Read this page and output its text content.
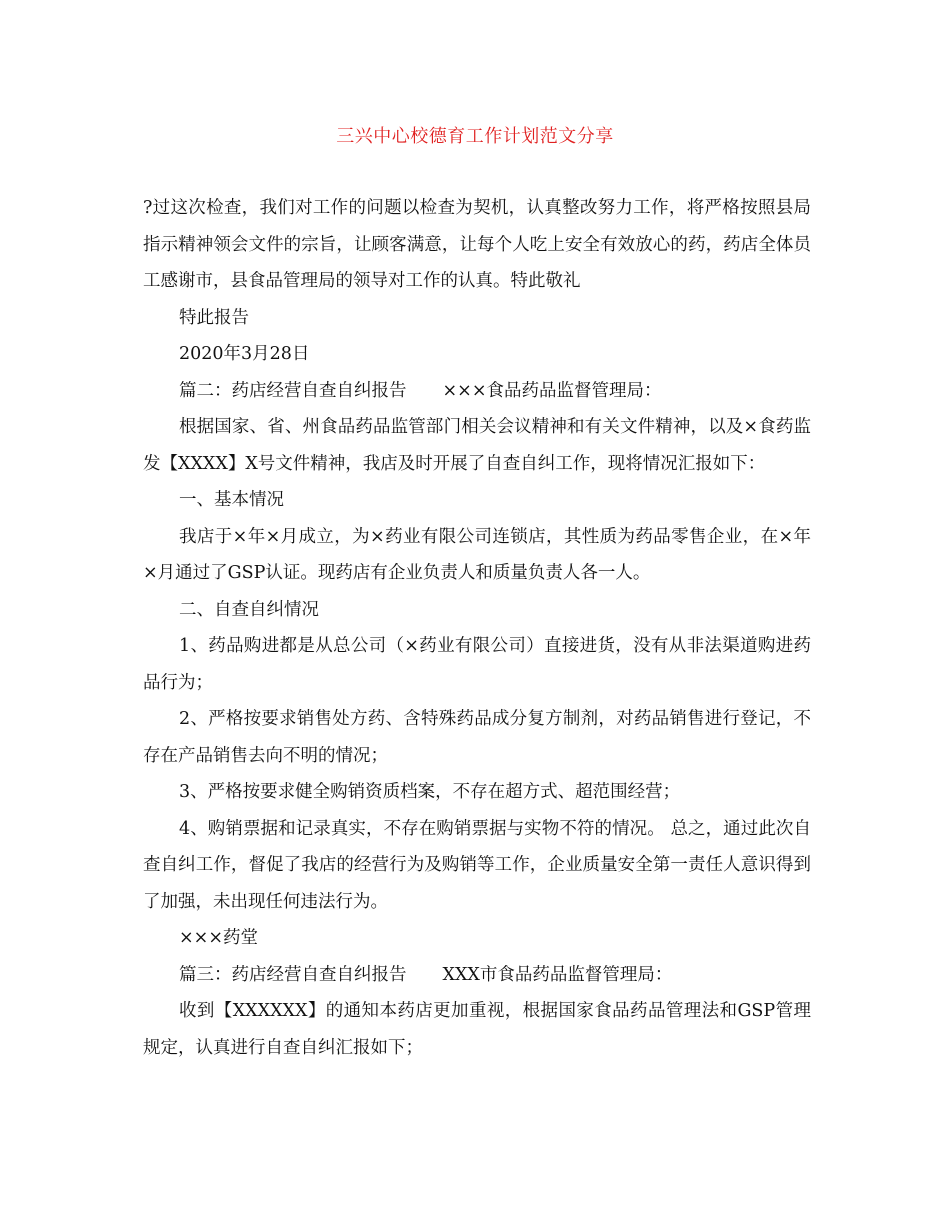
三兴中心校德育工作计划范文分享

?过这次检查，我们对工作的问题以检查为契机，认真整改努力工作，将严格按照县局指示精神领会文件的宗旨，让顾客满意，让每个人吃上安全有效放心的药，药店全体员工感谢市，县食品管理局的领导对工作的认真。特此敬礼

特此报告

2020年3月28日

篇二：药店经营自查自纠报告 ×××食品药品监督管理局：

根据国家、省、州食品药品监管部门相关会议精神和有关文件精神，以及×食药监发【XXXX】X号文件精神，我店及时开展了自查自纠工作，现将情况汇报如下：

一、基本情况

我店于×年×月成立，为×药业有限公司连锁店，其性质为药品零售企业，在×年×月通过了GSP认证。现药店有企业负责人和质量负责人各一人。

二、自查自纠情况

1、药品购进都是从总公司（×药业有限公司）直接进货，没有从非法渠道购进药品行为；

2、严格按要求销售处方药、含特殊药品成分复方制剂，对药品销售进行登记，不存在产品销售去向不明的情况；

3、严格按要求健全购销资质档案，不存在超方式、超范围经营；

4、购销票据和记录真实，不存在购销票据与实物不符的情况。 总之，通过此次自查自纠工作，督促了我店的经营行为及购销等工作，企业质量安全第一责任人意识得到了加强，未出现任何违法行为。

×××药堂

篇三：药店经营自查自纠报告 XXX市食品药品监督管理局：

收到【XXXXXX】的通知本药店更加重视，根据国家食品药品管理法和GSP管理规定，认真进行自查自纠汇报如下；
